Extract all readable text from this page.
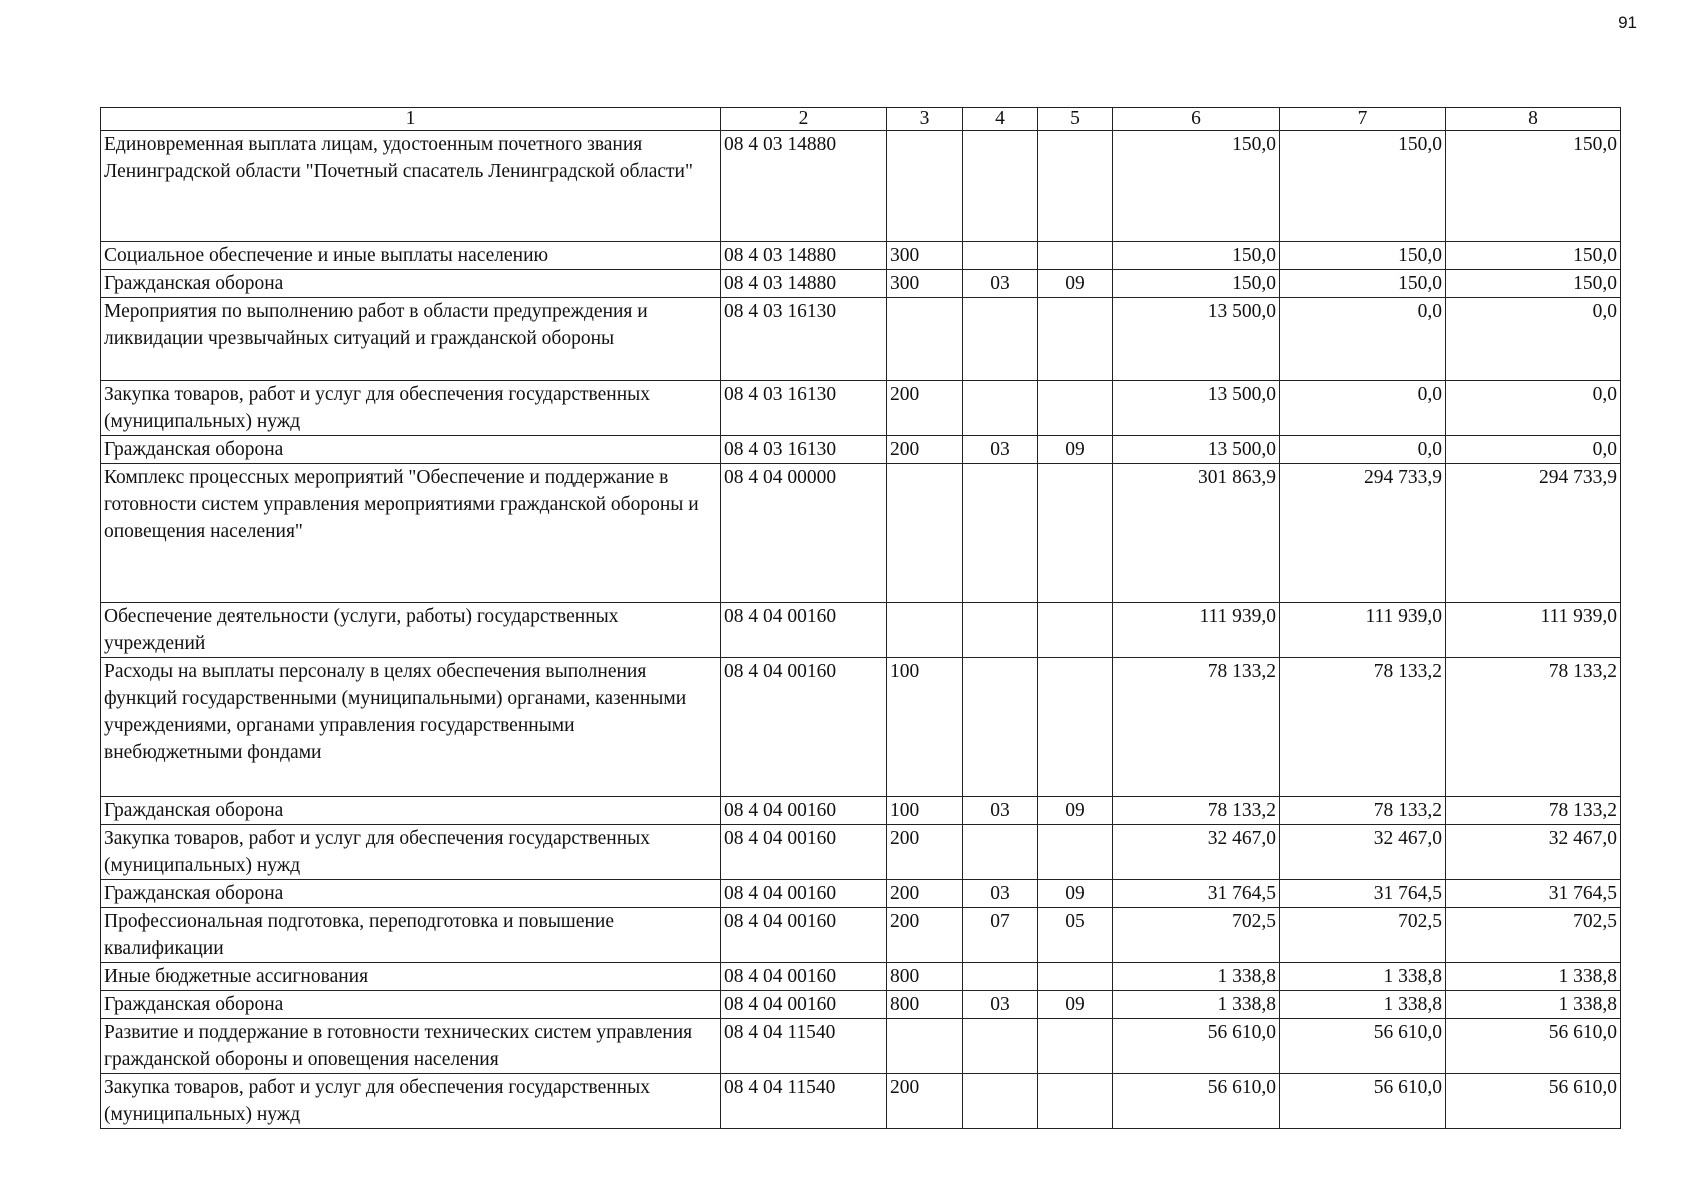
91
1	2	3	4	5	6	7	8
Единовременная выплата лицам, удостоенным почетного звания Ленинградской области "Почетный спасатель Ленинградской области"	08 4 03 14880				150,0	150,0	150,0
Социальное обеспечение и иные выплаты населению	08 4 03 14880	300			150,0	150,0	150,0
Гражданская оборона	08 4 03 14880	300	03	09	150,0	150,0	150,0
Мероприятия по выполнению работ в области предупреждения и ликвидации чрезвычайных ситуаций и гражданской обороны	08 4 03 16130				13 500,0	0,0	0,0
Закупка товаров, работ и услуг для обеспечения государственных (муниципальных) нужд	08 4 03 16130	200			13 500,0	0,0	0,0
Гражданская оборона	08 4 03 16130	200	03	09	13 500,0	0,0	0,0
Комплекс процессных мероприятий "Обеспечение и поддержание в готовности систем управления мероприятиями гражданской обороны и оповещения населения"	08 4 04 00000				301 863,9	294 733,9	294 733,9
Обеспечение деятельности (услуги, работы) государственных учреждений	08 4 04 00160				111 939,0	111 939,0	111 939,0
Расходы на выплаты персоналу в целях обеспечения выполнения функций государственными (муниципальными) органами, казенными учреждениями, органами управления государственными внебюджетными фондами	08 4 04 00160	100			78 133,2	78 133,2	78 133,2
Гражданская оборона	08 4 04 00160	100	03	09	78 133,2	78 133,2	78 133,2
Закупка товаров, работ и услуг для обеспечения государственных (муниципальных) нужд	08 4 04 00160	200			32 467,0	32 467,0	32 467,0
Гражданская оборона	08 4 04 00160	200	03	09	31 764,5	31 764,5	31 764,5
Профессиональная подготовка, переподготовка и повышение квалификации	08 4 04 00160	200	07	05	702,5	702,5	702,5
Иные бюджетные ассигнования	08 4 04 00160	800			1 338,8	1 338,8	1 338,8
Гражданская оборона	08 4 04 00160	800	03	09	1 338,8	1 338,8	1 338,8
Развитие и поддержание в готовности технических систем управления гражданской обороны и оповещения населения	08 4 04 11540				56 610,0	56 610,0	56 610,0
Закупка товаров, работ и услуг для обеспечения государственных (муниципальных) нужд	08 4 04 11540	200			56 610,0	56 610,0	56 610,0
